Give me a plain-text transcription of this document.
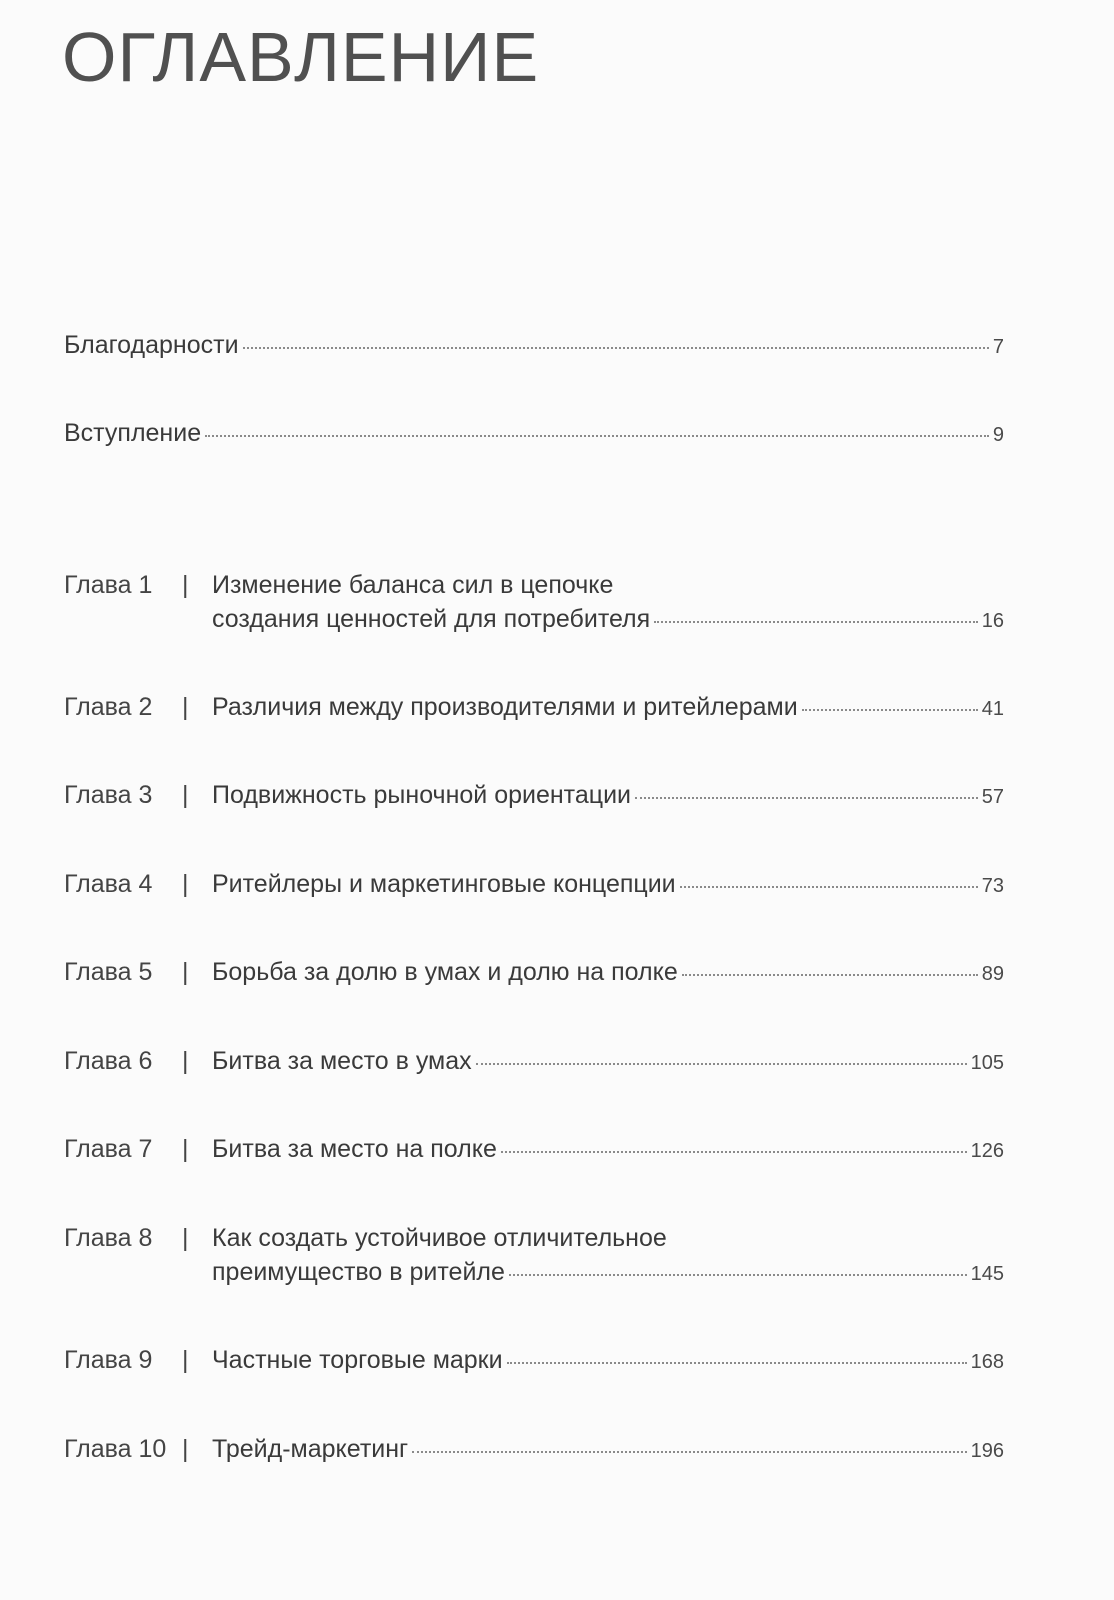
ОГЛАВЛЕНИЕ
Благодарности	7
Вступление	9
Глава 1	| Изменение баланса сил в цепочке
создания ценностей для потребителя	16
Глава 2	| Различия между производителями и ритейлерами	41
Глава 3	| Подвижность рыночной ориентации	57
Глава 4	| Ритейлеры и маркетинговые концепции	73
Глава 5	| Борьба за долю в умах и долю на полке	89
Глава 6	| Битва за место в умах	105
Глава 7	| Битва за место на полке	126
Глава 8	| Как создать устойчивое отличительное
преимущество в ритейле	145
Глава 9	| Частные торговые марки	168
Глава 10 | Трейд-маркетинг	196
